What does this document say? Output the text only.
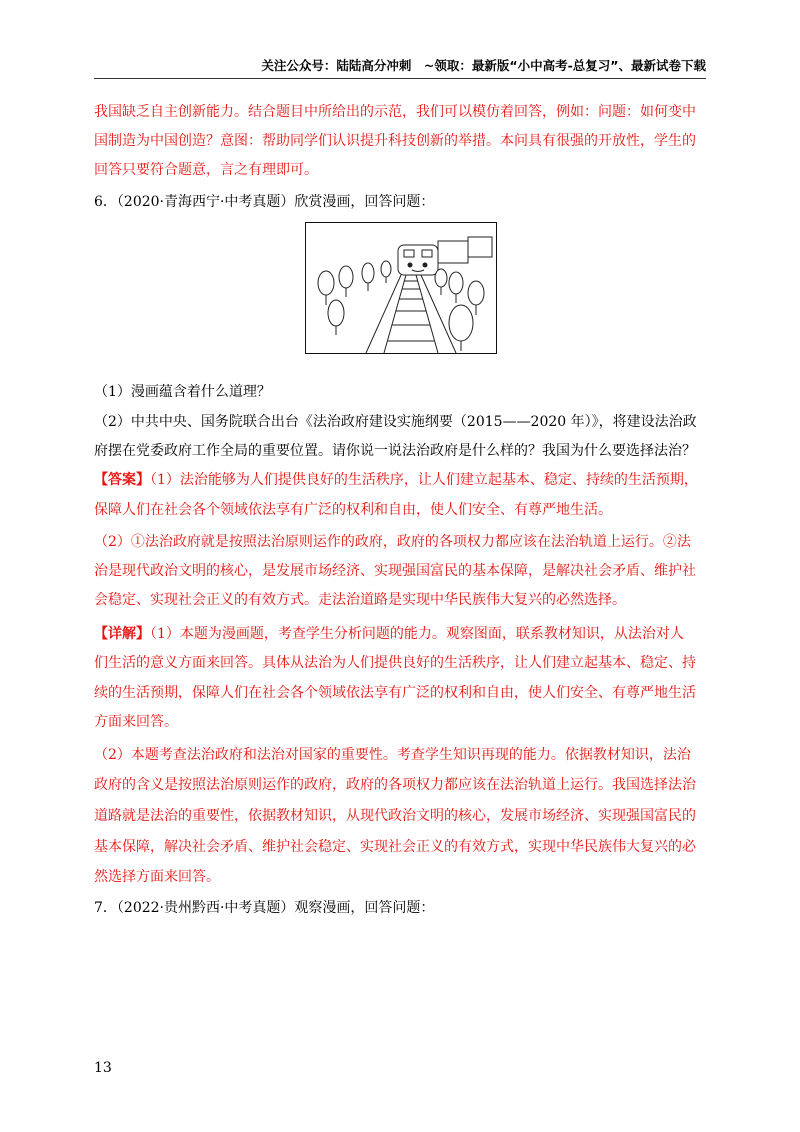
关注公众号：陆陆高分冲刺　~领取：最新版“小中高考-总复习”、最新试卷下载
我国缺乏自主创新能力。结合题目中所给出的示范，我们可以模仿着回答，例如：问题：如何变中
国制造为中国创造？意图：帮助同学们认识提升科技创新的举措。本问具有很强的开放性，学生的
回答只要符合题意，言之有理即可。
6．（2020·青海西宁·中考真题）欣赏漫画，回答问题：
（1）漫画蕴含着什么道理？
（2）中共中央、国务院联合出台《法治政府建设实施纲要（2015——2020 年）》，将建设法治政
府摆在党委政府工作全局的重要位置。请你说一说法治政府是什么样的？我国为什么要选择法治？
【答案】（1）法治能够为人们提供良好的生活秩序，让人们建立起基本、稳定、持续的生活预期，
保障人们在社会各个领域依法享有广泛的权利和自由，使人们安全、有尊严地生活。
（2）①法治政府就是按照法治原则运作的政府，政府的各项权力都应该在法治轨道上运行。②法
治是现代政治文明的核心，是发展市场经济、实现强国富民的基本保障，是解决社会矛盾、维护社
会稳定、实现社会正义的有效方式。走法治道路是实现中华民族伟大复兴的必然选择。
【详解】（1）本题为漫画题，考查学生分析问题的能力。观察图面，联系教材知识，从法治对人
们生活的意义方面来回答。具体从法治为人们提供良好的生活秩序，让人们建立起基本、稳定、持
续的生活预期，保障人们在社会各个领域依法享有广泛的权利和自由，使人们安全、有尊严地生活
方面来回答。
（2）本题考查法治政府和法治对国家的重要性。考查学生知识再现的能力。依据教材知识，法治
政府的含义是按照法治原则运作的政府，政府的各项权力都应该在法治轨道上运行。我国选择法治
道路就是法治的重要性，依据教材知识，从现代政治文明的核心，发展市场经济、实现强国富民的
基本保障，解决社会矛盾、维护社会稳定、实现社会正义的有效方式，实现中华民族伟大复兴的必
然选择方面来回答。
7．（2022·贵州黔西·中考真题）观察漫画，回答问题：
13
